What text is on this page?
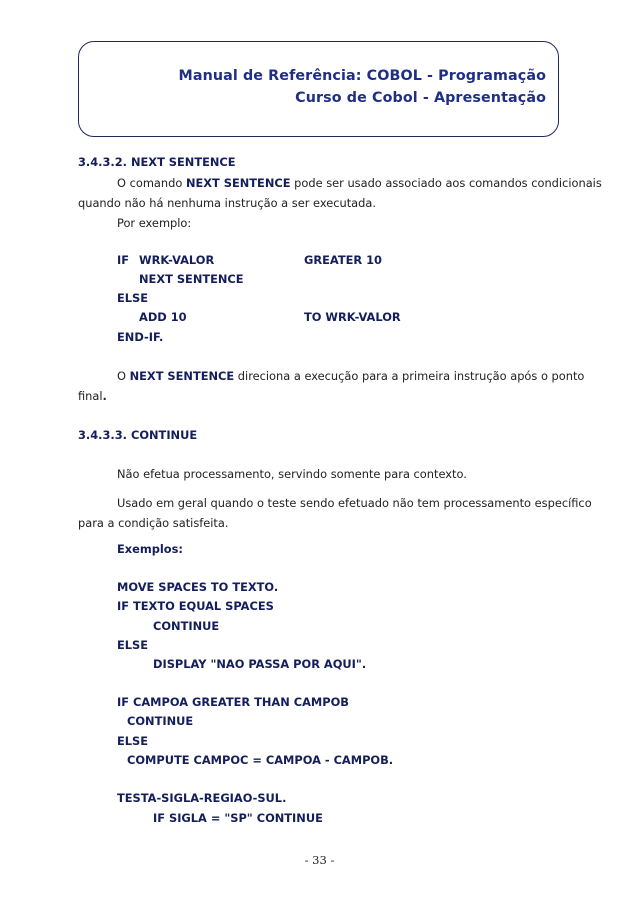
Manual de Referência: COBOL - Programação
Curso de Cobol - Apresentação
3.4.3.2. NEXT SENTENCE
O comando NEXT SENTENCE pode ser usado associado aos comandos condicionais
quando não há nenhuma instrução a ser executada.
Por exemplo:
IF WRK-VALOR	GREATER 10
NEXT SENTENCE
ELSE
ADD 10	TO WRK-VALOR
END-IF.
O NEXT SENTENCE direciona a execução para a primeira instrução após o ponto
final.
3.4.3.3. CONTINUE
Não efetua processamento, servindo somente para contexto.
Usado em geral quando o teste sendo efetuado não tem processamento específico
para a condição satisfeita.
Exemplos:
MOVE SPACES TO TEXTO.
IF TEXTO EQUAL SPACES
CONTINUE
ELSE
DISPLAY "NAO PASSA POR AQUI".
IF CAMPOA GREATER THAN CAMPOB
CONTINUE
ELSE
COMPUTE CAMPOC = CAMPOA - CAMPOB.
TESTA-SIGLA-REGIAO-SUL.
IF SIGLA = "SP" CONTINUE
- 33 -
